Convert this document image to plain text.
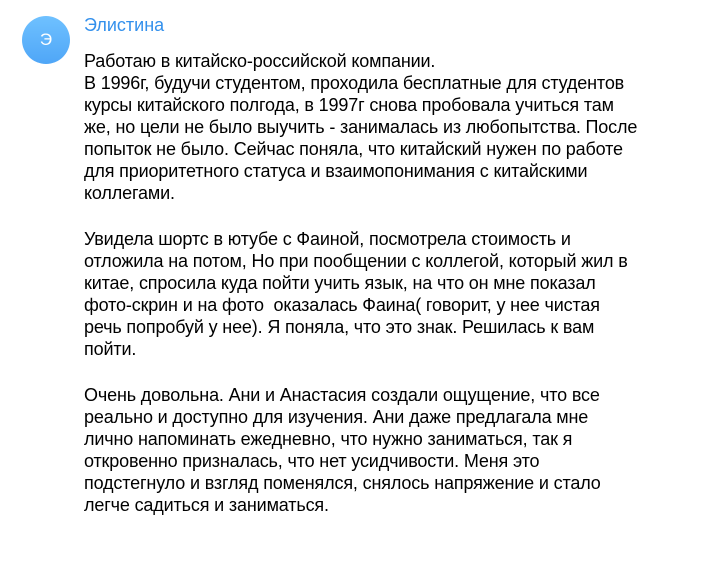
Э
Элистина

Работаю в китайско-российской компании.
В 1996г, будучи студентом, проходила бесплатные для студентов
курсы китайского полгода, в 1997г снова пробовала учиться там
же, но цели не было выучить - занималась из любопытства. После
попыток не было. Сейчас поняла, что китайский нужен по работе
для приоритетного статуса и взаимопонимания с китайскими
коллегами.

Увидела шортс в ютубе с Фаиной, посмотрела стоимость и
отложила на потом, Но при пообщении с коллегой, который жил в
китае, спросила куда пойти учить язык, на что он мне показал
фото-скрин и на фото  оказалась Фаина( говорит, у нее чистая
речь попробуй у нее). Я поняла, что это знак. Решилась к вам
пойти.

Очень довольна. Ани и Анастасия создали ощущение, что все
реально и доступно для изучения. Ани даже предлагала мне
лично напоминать ежедневно, что нужно заниматься, так я
откровенно призналась, что нет усидчивости. Меня это
подстегнуло и взгляд поменялся, снялось напряжение и стало
легче садиться и заниматься.
